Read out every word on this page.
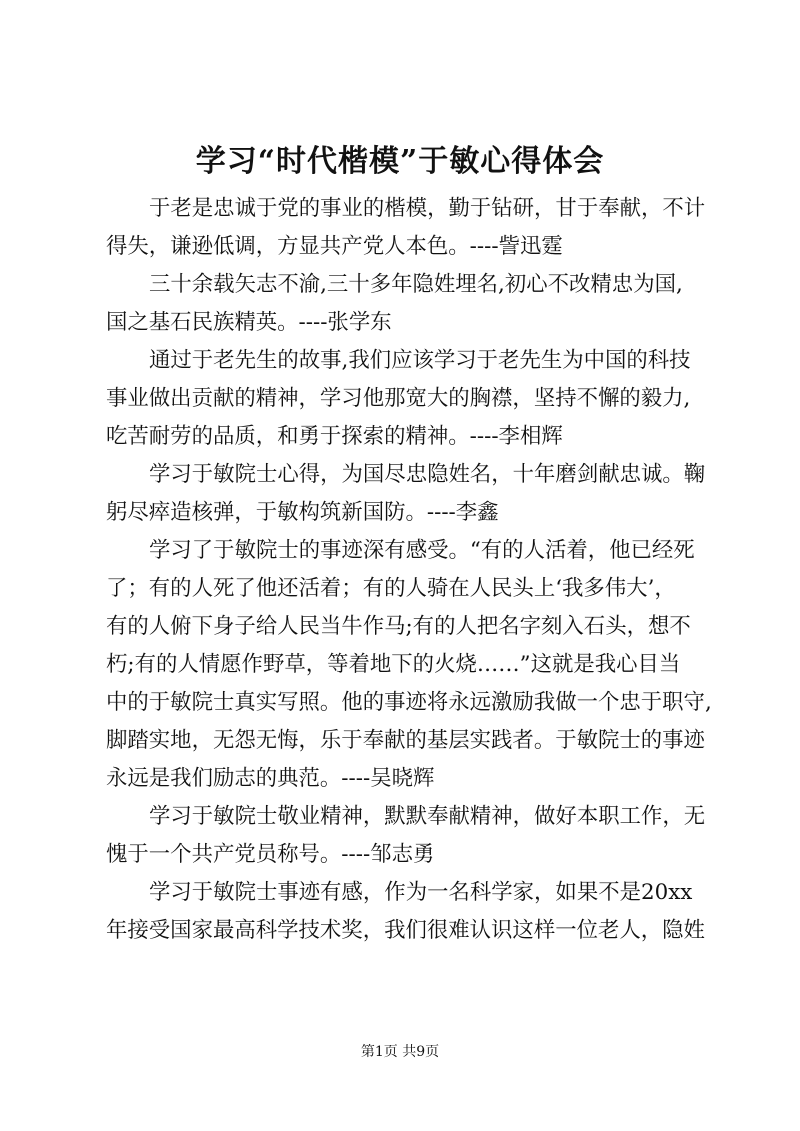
学习“时代楷模”于敏心得体会
于老是忠诚于党的事业的楷模，勤于钻研，甘于奉献，不计
得失，谦逊低调，方显共产党人本色。----訾迅霆
三十余载矢志不渝,三十多年隐姓埋名,初心不改精忠为国,
国之基石民族精英。----张学东
通过于老先生的故事,我们应该学习于老先生为中国的科技
事业做出贡献的精神，学习他那宽大的胸襟，坚持不懈的毅力,
吃苦耐劳的品质，和勇于探索的精神。----李相辉
学习于敏院士心得，为国尽忠隐姓名，十年磨剑献忠诚。鞠
躬尽瘁造核弹，于敏构筑新国防。----李鑫
学习了于敏院士的事迹深有感受。“有的人活着，他已经死
了；有的人死了他还活着；有的人骑在人民头上‘我多伟大’，
有的人俯下身子给人民当牛作马;有的人把名字刻入石头，想不
朽;有的人情愿作野草，等着地下的火烧……”这就是我心目当
中的于敏院士真实写照。他的事迹将永远激励我做一个忠于职守,
脚踏实地，无怨无悔，乐于奉献的基层实践者。于敏院士的事迹
永远是我们励志的典范。----吴晓辉
学习于敏院士敬业精神，默默奉献精神，做好本职工作，无
愧于一个共产党员称号。----邹志勇
学习于敏院士事迹有感，作为一名科学家，如果不是20xx
年接受国家最高科学技术奖，我们很难认识这样一位老人，隐姓
第1页 共9页
